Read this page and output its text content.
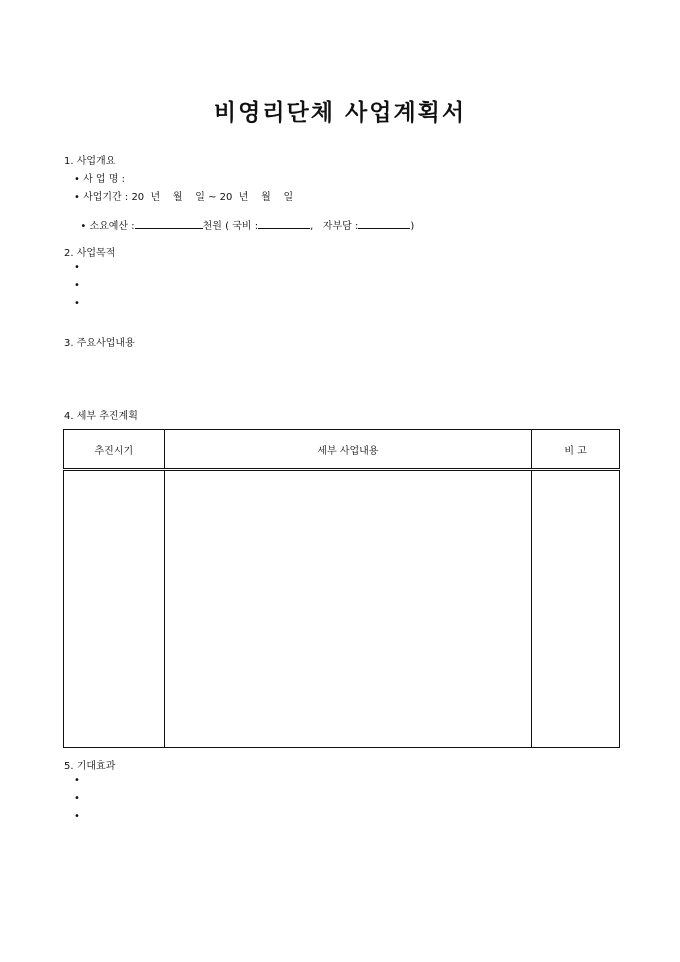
비영리단체 사업계획서
1. 사업개요
• 사 업 명 :
• 사업기간 : 20  년    월    일 ~ 20  년    월    일

• 소요예산 :	천원 ( 국비 :	,   자부담 :	)

2. 사업목적
•
•
•
3. 주요사업내용
4. 세부 추진계획
추진시기	세부 사업내용	비 고

5. 기대효과
•
•
•
